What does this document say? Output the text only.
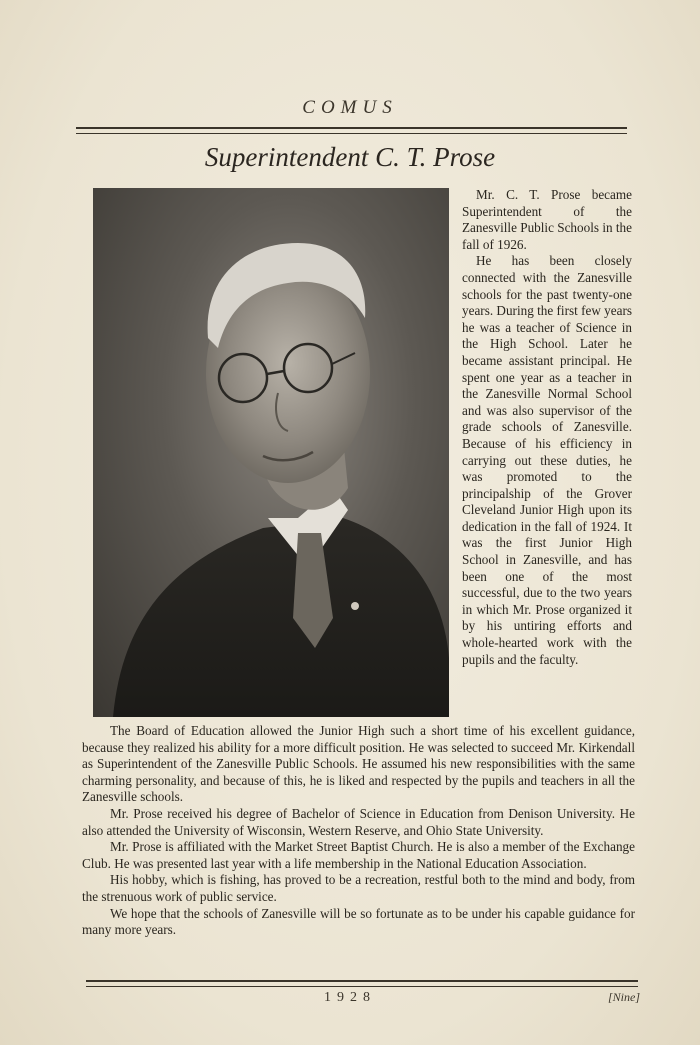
COMUS
Superintendent C. T. Prose

Mr. C. T. Prose became Superintendent of the Zanesville Public Schools in the fall of 1926.

He has been closely connected with the Zanesville schools for the past twenty-one years. During the first few years he was a teacher of Science in the High School. Later he became assistant principal. He spent one year as a teacher in the Zanesville Normal School and was also supervisor of the grade schools of Zanesville. Because of his efficiency in carrying out these duties, he was promoted to the principalship of the Grover Cleveland Junior High upon its dedication in the fall of 1924. It was the first Junior High School in Zanesville, and has been one of the most successful, due to the two years in which Mr. Prose organized it by his untiring efforts and whole-hearted work with the pupils and the faculty.

The Board of Education allowed the Junior High such a short time of his excellent guidance, because they realized his ability for a more difficult position. He was selected to succeed Mr. Kirkendall as Superintendent of the Zanesville Public Schools. He assumed his new responsibilities with the same charming personality, and because of this, he is liked and respected by the pupils and teachers in all the Zanesville schools.

Mr. Prose received his degree of Bachelor of Science in Education from Denison University. He also attended the University of Wisconsin, Western Reserve, and Ohio State University.

Mr. Prose is affiliated with the Market Street Baptist Church. He is also a member of the Exchange Club. He was presented last year with a life membership in the National Education Association.

His hobby, which is fishing, has proved to be a recreation, restful both to the mind and body, from the strenuous work of public service.

We hope that the schools of Zanesville will be so fortunate as to be under his capable guidance for many more years.

1928	[Nine]
